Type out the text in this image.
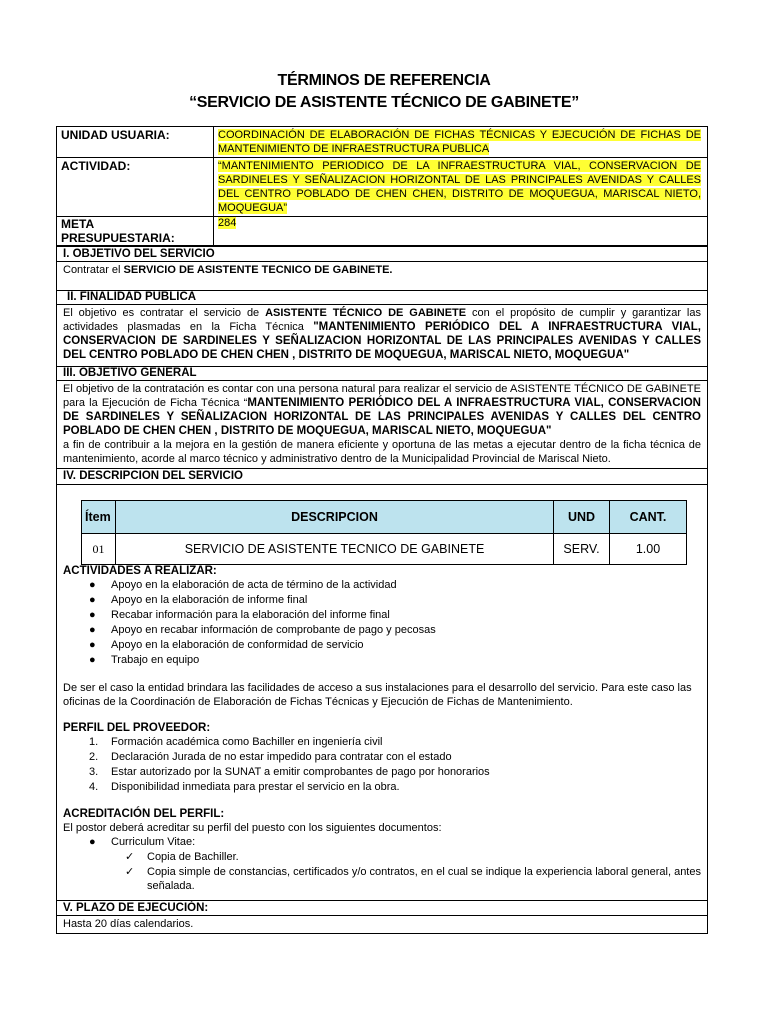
TÉRMINOS DE REFERENCIA
“SERVICIO DE ASISTENTE TÉCNICO DE GABINETE”
UNIDAD USUARIA:	COORDINACIÓN DE ELABORACIÓN DE FICHAS TÉCNICAS Y EJECUCIÓN DE FICHAS DE MANTENIMIENTO DE INFRAESTRUCTURA PUBLICA
ACTIVIDAD:	“MANTENIMIENTO PERIODICO DE LA INFRAESTRUCTURA VIAL, CONSERVACION DE SARDINELES Y SEÑALIZACION HORIZONTAL DE LAS PRINCIPALES AVENIDAS Y CALLES DEL CENTRO POBLADO DE CHEN CHEN, DISTRITO DE MOQUEGUA, MARISCAL NIETO, MOQUEGUA”
META PRESUPUESTARIA:	284
I. OBJETIVO DEL SERVICIO
Contratar el SERVICIO DE ASISTENTE TECNICO DE GABINETE.
II. FINALIDAD PUBLICA
El objetivo es contratar el servicio de ASISTENTE TÉCNICO DE GABINETE con el propósito de cumplir y garantizar las actividades plasmadas en la Ficha Técnica "MANTENIMIENTO PERIÓDICO DEL A INFRAESTRUCTURA VIAL, CONSERVACION DE SARDINELES Y SEÑALIZACION HORIZONTAL DE LAS PRINCIPALES AVENIDAS Y CALLES DEL CENTRO POBLADO DE CHEN CHEN , DISTRITO DE MOQUEGUA, MARISCAL NIETO, MOQUEGUA"
III. OBJETIVO GENERAL
El objetivo de la contratación es contar con una persona natural para realizar el servicio de ASISTENTE TÉCNICO DE GABINETE para la Ejecución de Ficha Técnica “MANTENIMIENTO PERIÓDICO DEL A INFRAESTRUCTURA VIAL, CONSERVACION DE SARDINELES Y SEÑALIZACION HORIZONTAL DE LAS PRINCIPALES AVENIDAS Y CALLES DEL CENTRO POBLADO DE CHEN CHEN , DISTRITO DE MOQUEGUA, MARISCAL NIETO, MOQUEGUA"
a fin de contribuir a la mejora en la gestión de manera eficiente y oportuna de las metas a ejecutar dentro de la ficha técnica de mantenimiento, acorde al marco técnico y administrativo dentro de la Municipalidad Provincial de Mariscal Nieto.
IV. DESCRIPCION DEL SERVICIO
Ítem	DESCRIPCION	UND	CANT.
01	SERVICIO DE ASISTENTE TECNICO DE GABINETE	SERV.	1.00
ACTIVIDADES A REALIZAR:
● Apoyo en la elaboración de acta de término de la actividad
● Apoyo en la elaboración de informe final
● Recabar información para la elaboración del informe final
● Apoyo en recabar información de comprobante de pago y pecosas
● Apoyo en la elaboración de conformidad de servicio
● Trabajo en equipo
De ser el caso la entidad brindara las facilidades de acceso a sus instalaciones para el desarrollo del servicio. Para este caso las oficinas de la Coordinación de Elaboración de Fichas Técnicas y Ejecución de Fichas de Mantenimiento.
PERFIL DEL PROVEEDOR:
1. Formación académica como Bachiller en ingeniería civil
2. Declaración Jurada de no estar impedido para contratar con el estado
3. Estar autorizado por la SUNAT a emitir comprobantes de pago por honorarios
4. Disponibilidad inmediata para prestar el servicio en la obra.
ACREDITACIÓN DEL PERFIL:
El postor deberá acreditar su perfil del puesto con los siguientes documentos:
● Curriculum Vitae:
✓ Copia de Bachiller.
✓ Copia simple de constancias, certificados y/o contratos, en el cual se indique la experiencia laboral general, antes señalada.
V. PLAZO DE EJECUCIÓN:
Hasta 20 días calendarios.
